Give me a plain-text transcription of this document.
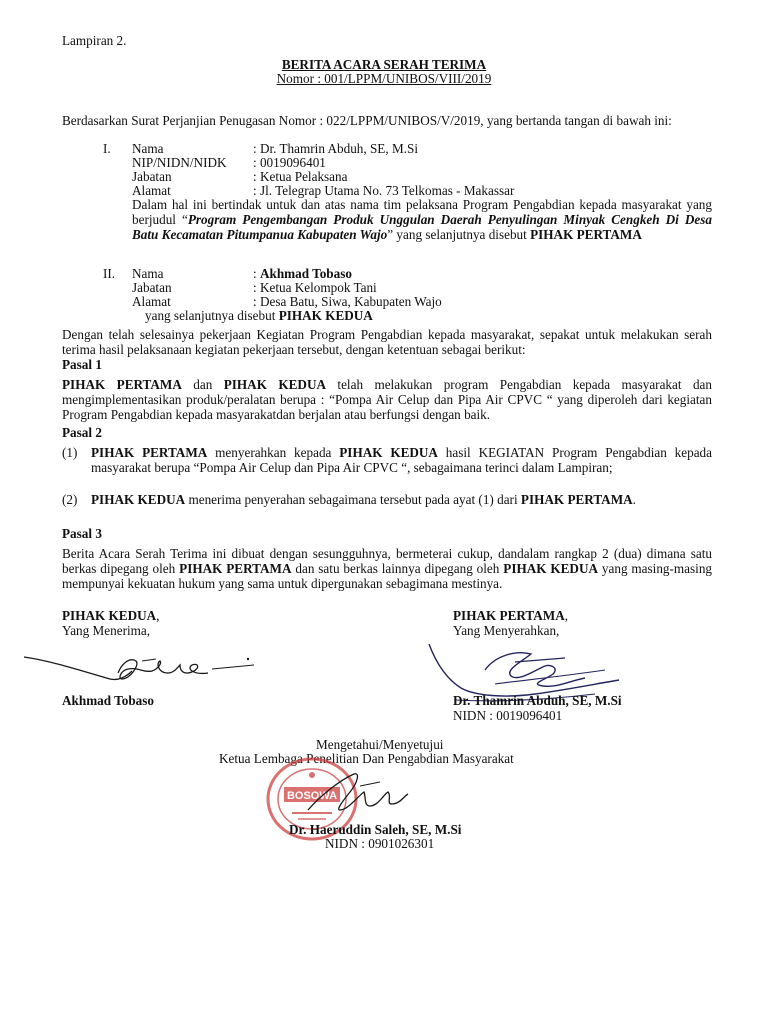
Lampiran 2.
BERITA ACARA SERAH TERIMA
Nomor : 001/LPPM/UNIBOS/VIII/2019
Berdasarkan Surat Perjanjian Penugasan Nomor : 022/LPPM/UNIBOS/V/2019, yang bertanda tangan di bawah ini:
I. Nama	: Dr. Thamrin Abduh, SE, M.Si
NIP/NIDN/NIDK : 0019096401
Jabatan	: Ketua Pelaksana
Alamat	: Jl. Telegrap Utama No. 73 Telkomas - Makassar
Dalam hal ini bertindak untuk dan atas nama tim pelaksana Program Pengabdian kepada masyarakat yang berjudul “Program Pengembangan Produk Unggulan Daerah Penyulingan Minyak Cengkeh Di Desa Batu Kecamatan Pitumpanua Kabupaten Wajo” yang selanjutnya disebut PIHAK PERTAMA
II. Nama	: Akhmad Tobaso
Jabatan	: Ketua Kelompok Tani
Alamat	: Desa Batu, Siwa, Kabupaten Wajo
yang selanjutnya disebut PIHAK KEDUA
Dengan telah selesainya pekerjaan Kegiatan Program Pengabdian kepada masyarakat, sepakat untuk melakukan serah terima hasil pelaksanaan kegiatan pekerjaan tersebut, dengan ketentuan sebagai berikut:
Pasal 1
PIHAK PERTAMA dan PIHAK KEDUA telah melakukan program Pengabdian kepada masyarakat dan mengimplementasikan produk/peralatan berupa : “Pompa Air Celup dan Pipa Air CPVC “ yang diperoleh dari kegiatan Program Pengabdian kepada masyarakatdan berjalan atau berfungsi dengan baik.
Pasal 2
(1) PIHAK PERTAMA menyerahkan kepada PIHAK KEDUA hasil KEGIATAN Program Pengabdian kepada masyarakat berupa “Pompa Air Celup dan Pipa Air CPVC “, sebagaimana terinci dalam Lampiran;
(2) PIHAK KEDUA menerima penyerahan sebagaimana tersebut pada ayat (1) dari PIHAK PERTAMA.
Pasal 3
Berita Acara Serah Terima ini dibuat dengan sesungguhnya, bermeterai cukup, dandalam rangkap 2 (dua) dimana satu berkas dipegang oleh PIHAK PERTAMA dan satu berkas lainnya dipegang oleh PIHAK KEDUA yang masing-masing mempunyai kekuatan hukum yang sama untuk dipergunakan sebagimana mestinya.
PIHAK KEDUA,
Yang Menerima,
Akhmad Tobaso
PIHAK PERTAMA,
Yang Menyerahkan,
Dr. Thamrin Abduh, SE, M.Si
NIDN : 0019096401
Mengetahui/Menyetujui
Ketua Lembaga Penelitian Dan Pengabdian Masyarakat
BOSOWA
Dr. Haeruddin Saleh, SE, M.Si
NIDN : 0901026301
